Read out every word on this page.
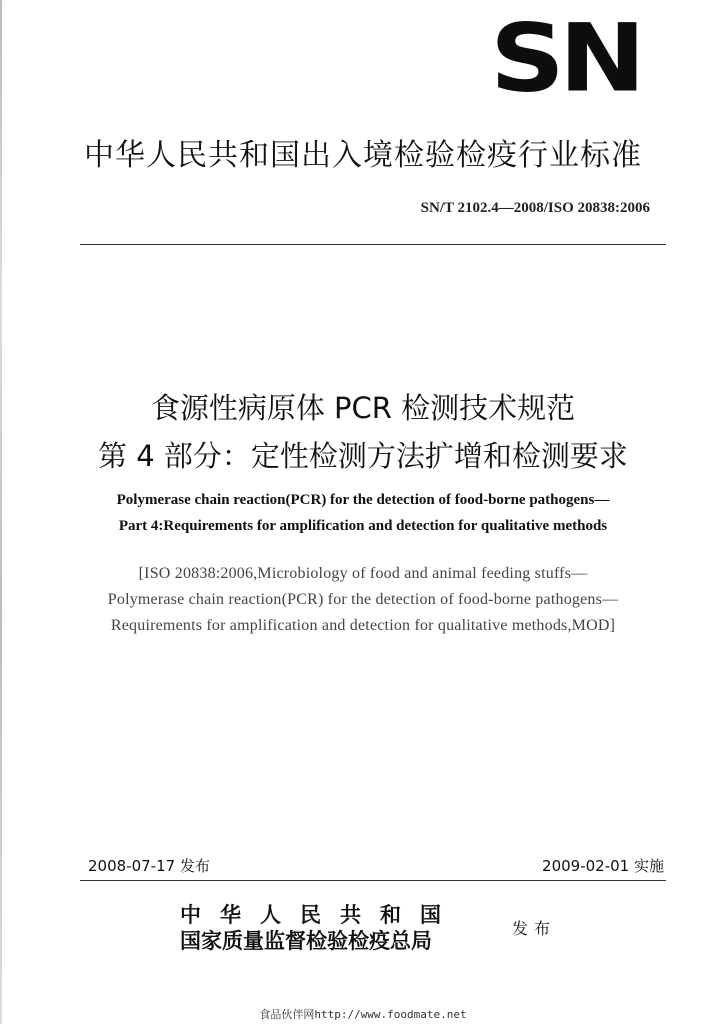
SN
中华人民共和国出入境检验检疫行业标准
SN/T 2102.4—2008/ISO 20838:2006
食源性病原体 PCR 检测技术规范
第 4 部分：定性检测方法扩增和检测要求
Polymerase chain reaction(PCR) for the detection of food-borne pathogens—
Part 4:Requirements for amplification and detection for qualitative methods
[ISO 20838:2006,Microbiology of food and animal feeding stuffs—
Polymerase chain reaction(PCR) for the detection of food-borne pathogens—
Requirements for amplification and detection for qualitative methods,MOD]
2008-07-17 发布	2009-02-01 实施
中华人民共和国
国家质量监督检验检疫总局	发布
食品伙伴网http://www.foodmate.net
